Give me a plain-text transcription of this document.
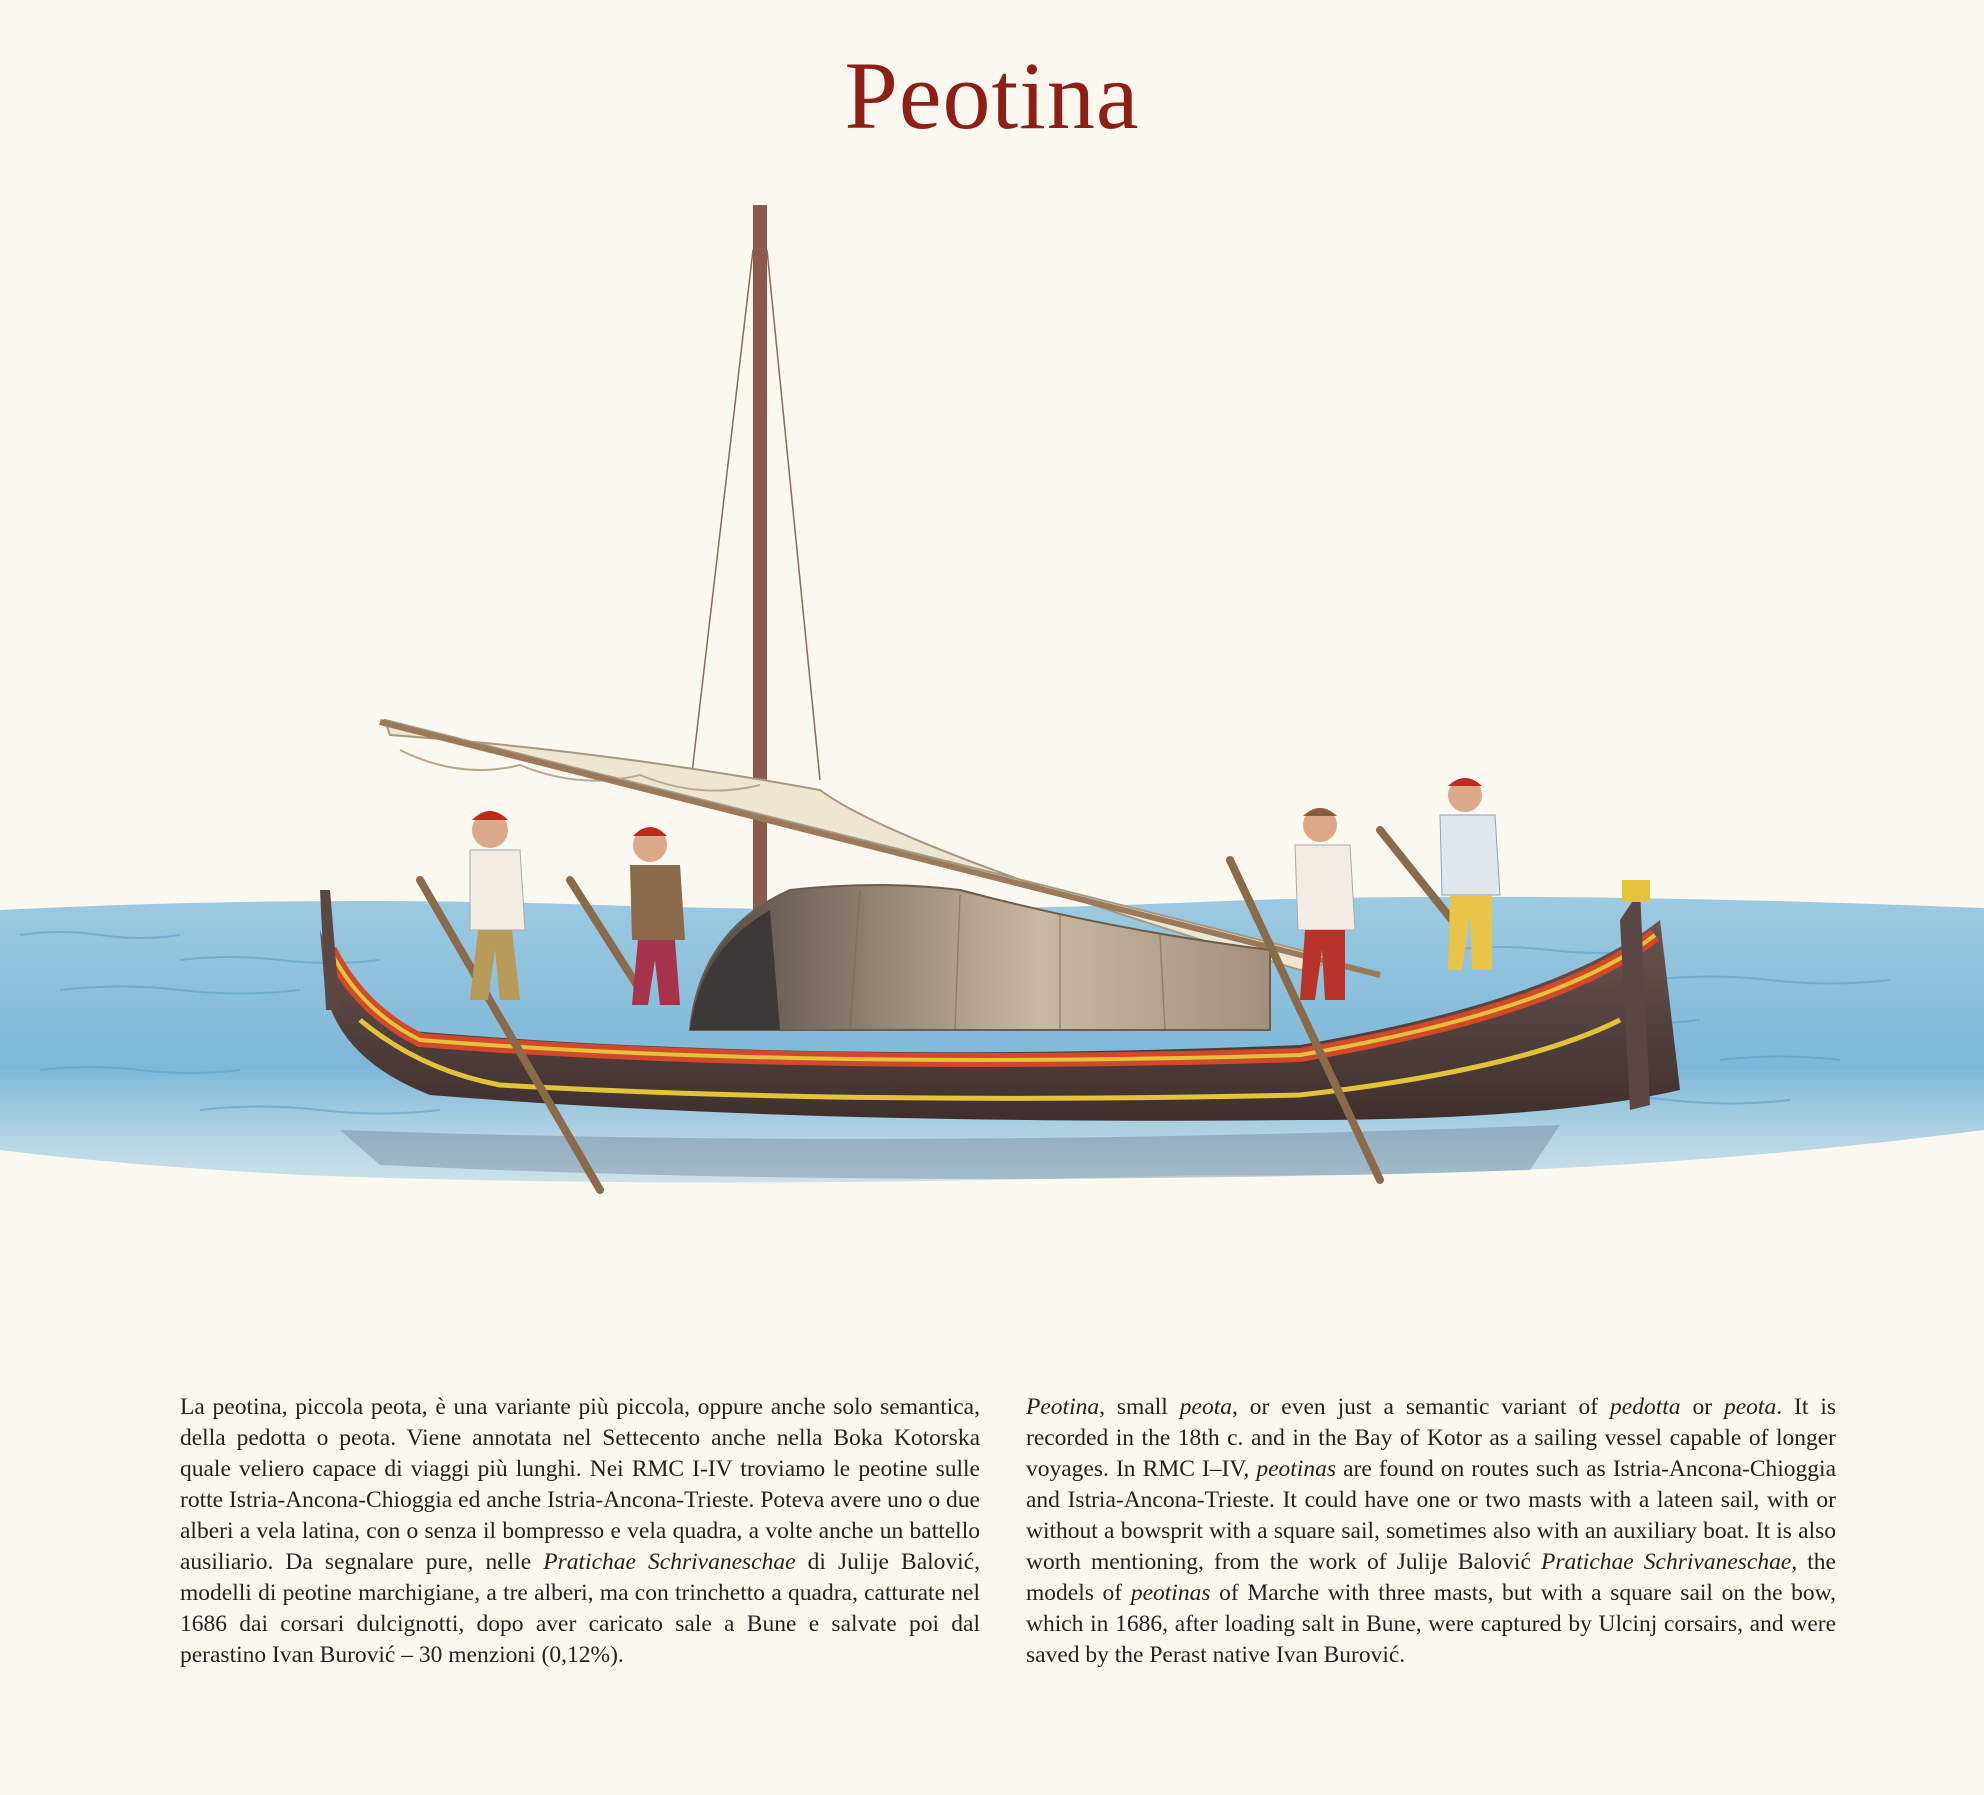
Peotina
La peotina, piccola peota, è una variante più piccola, oppure anche solo semantica, della pedotta o peota. Viene annotata nel Settecento anche nella Boka Kotorska quale veliero capace di viaggi più lunghi. Nei RMC I-IV troviamo le peotine sulle rotte Istria-Ancona-Chioggia ed anche Istria-Ancona-Trieste. Poteva avere uno o due alberi a vela latina, con o senza il bompresso e vela quadra, a volte anche un battello ausiliario. Da segnalare pure, nelle Pratichae Schrivaneschae di Julije Balović, modelli di peotine marchigiane, a tre alberi, ma con trinchetto a quadra, catturate nel 1686 dai corsari dulcignotti, dopo aver caricato sale a Bune e salvate poi dal perastino Ivan Burović – 30 menzioni (0,12%).
Peotina, small peota, or even just a semantic variant of pedotta or peota. It is recorded in the 18th c. and in the Bay of Kotor as a sailing vessel capable of longer voyages. In RMC I–IV, peotinas are found on routes such as Istria-Ancona-Chioggia and Istria-Ancona-Trieste. It could have one or two masts with a lateen sail, with or without a bowsprit with a square sail, sometimes also with an auxiliary boat. It is also worth mentioning, from the work of Julije Balović Pratichae Schrivaneschae, the models of peotinas of Marche with three masts, but with a square sail on the bow, which in 1686, after loading salt in Bune, were captured by Ulcinj corsairs, and were saved by the Perast native Ivan Burović.
